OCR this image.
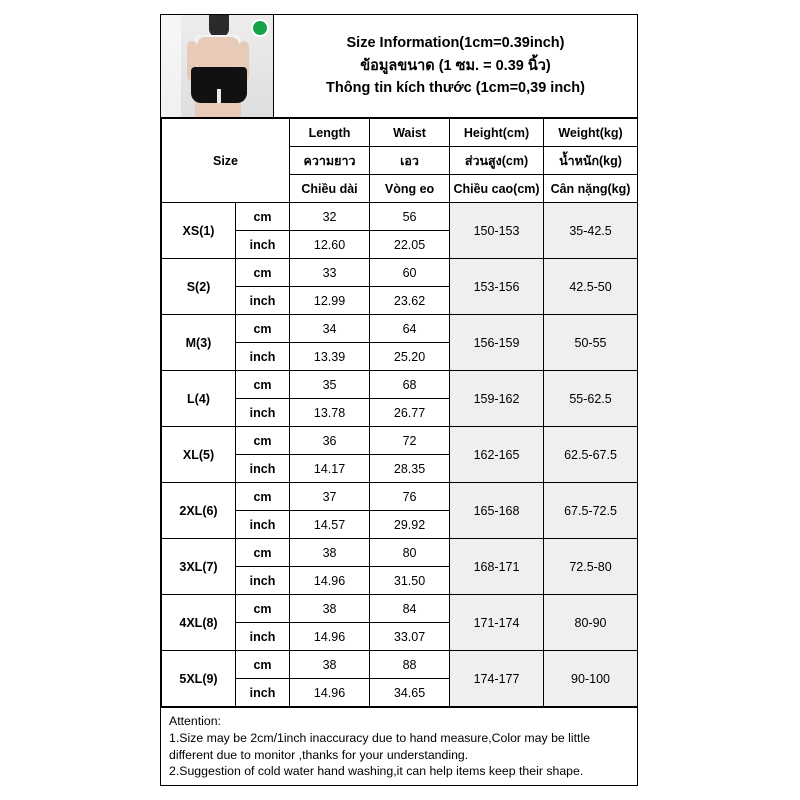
Size Information(1cm=0.39inch)
ข้อมูลขนาด (1 ซม. = 0.39 นิ้ว)
Thông tin kích thước (1cm=0,39 inch)
Size		Length	Waist	Height(cm)	Weight(kg)
		ความยาว	เอว	ส่วนสูง(cm)	น้ำหนัก(kg)
		Chiều dài	Vòng eo	Chiều cao(cm)	Cân nặng(kg)
XS(1)	cm	32	56	150-153	35-42.5
	inch	12.60	22.05		
S(2)	cm	33	60	153-156	42.5-50
	inch	12.99	23.62		
M(3)	cm	34	64	156-159	50-55
	inch	13.39	25.20		
L(4)	cm	35	68	159-162	55-62.5
	inch	13.78	26.77		
XL(5)	cm	36	72	162-165	62.5-67.5
	inch	14.17	28.35		
2XL(6)	cm	37	76	165-168	67.5-72.5
	inch	14.57	29.92		
3XL(7)	cm	38	80	168-171	72.5-80
	inch	14.96	31.50		
4XL(8)	cm	38	84	171-174	80-90
	inch	14.96	33.07		
5XL(9)	cm	38	88	174-177	90-100
	inch	14.96	34.65		

Attention:

1.Size may be 2cm/1inch inaccuracy due to hand measure,Color may be little

different due to monitor ,thanks for your understanding.

2.Suggestion of cold water hand washing,it can help items keep their shape.
